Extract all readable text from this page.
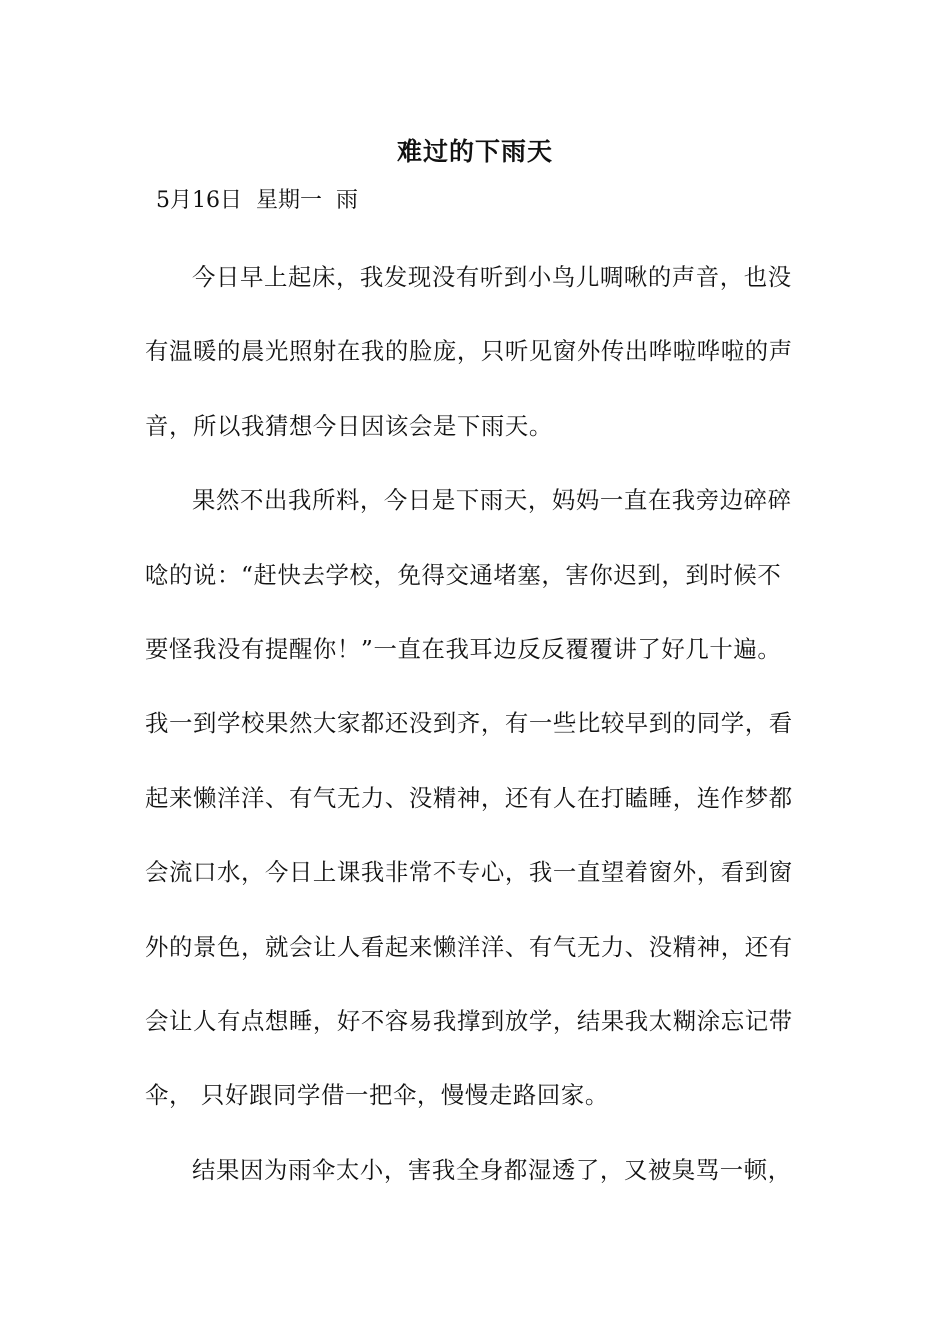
难过的下雨天
5月16日  星期一  雨
今日早上起床，我发现没有听到小鸟儿啁啾的声音，也没
有温暖的晨光照射在我的脸庞，只听见窗外传出哗啦哗啦的声
音，所以我猜想今日因该会是下雨天。
果然不出我所料，今日是下雨天，妈妈一直在我旁边碎碎
唸的说：“赶快去学校，免得交通堵塞，害你迟到，到时候不
要怪我没有提醒你！”一直在我耳边反反覆覆讲了好几十遍。
我一到学校果然大家都还没到齐，有一些比较早到的同学，看
起来懒洋洋、有气无力、没精神，还有人在打瞌睡，连作梦都
会流口水，今日上课我非常不专心，我一直望着窗外，看到窗
外的景色，就会让人看起来懒洋洋、有气无力、没精神，还有
会让人有点想睡，好不容易我撑到放学，结果我太糊涂忘记带
伞， 只好跟同学借一把伞，慢慢走路回家。
结果因为雨伞太小，害我全身都湿透了，又被臭骂一顿，
